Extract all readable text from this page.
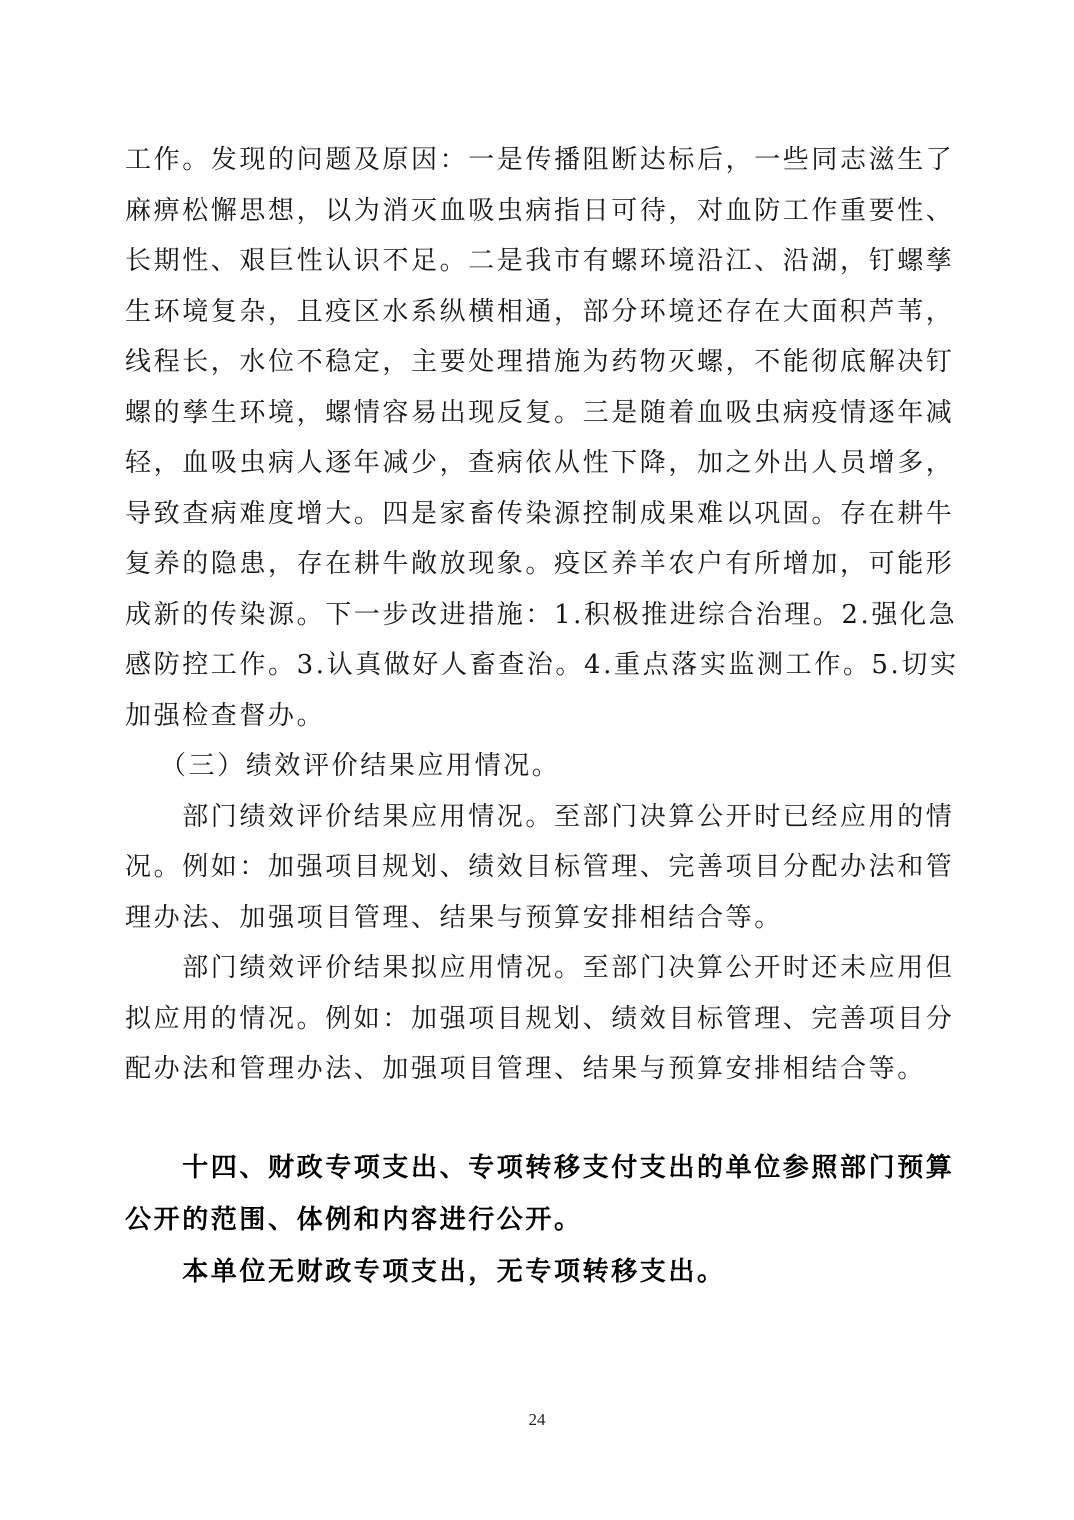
工作。发现的问题及原因：一是传播阻断达标后，一些同志滋生了
麻痹松懈思想，以为消灭血吸虫病指日可待，对血防工作重要性、
长期性、艰巨性认识不足。二是我市有螺环境沿江、沿湖，钉螺孳
生环境复杂，且疫区水系纵横相通，部分环境还存在大面积芦苇，
线程长，水位不稳定，主要处理措施为药物灭螺，不能彻底解决钉
螺的孳生环境，螺情容易出现反复。三是随着血吸虫病疫情逐年减
轻，血吸虫病人逐年减少，查病依从性下降，加之外出人员增多，
导致查病难度增大。四是家畜传染源控制成果难以巩固。存在耕牛
复养的隐患，存在耕牛敞放现象。疫区养羊农户有所增加，可能形
成新的传染源。下一步改进措施：1.积极推进综合治理。2.强化急
感防控工作。3.认真做好人畜查治。4.重点落实监测工作。5.切实
加强检查督办。
（三）绩效评价结果应用情况。
部门绩效评价结果应用情况。至部门决算公开时已经应用的情
况。例如：加强项目规划、绩效目标管理、完善项目分配办法和管
理办法、加强项目管理、结果与预算安排相结合等。
部门绩效评价结果拟应用情况。至部门决算公开时还未应用但
拟应用的情况。例如：加强项目规划、绩效目标管理、完善项目分
配办法和管理办法、加强项目管理、结果与预算安排相结合等。
十四、财政专项支出、专项转移支付支出的单位参照部门预算
公开的范围、体例和内容进行公开。
本单位无财政专项支出，无专项转移支出。
24
